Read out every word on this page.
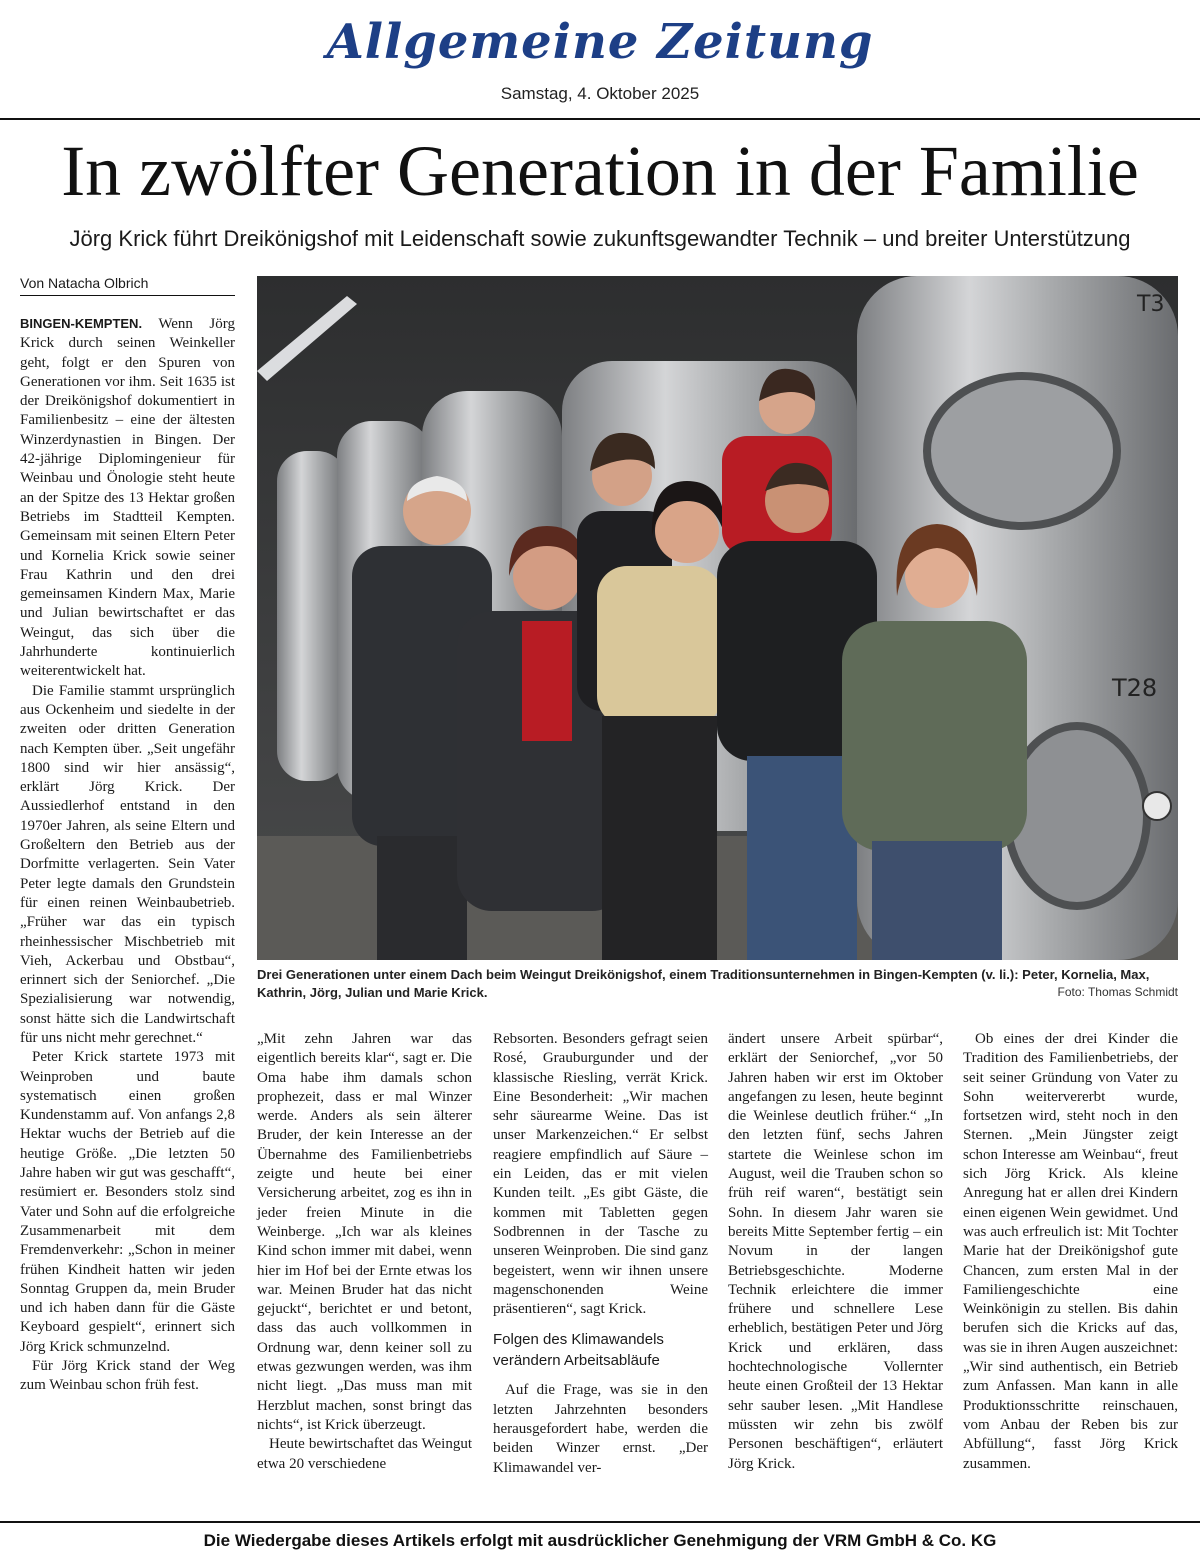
Allgemeine Zeitung
Samstag, 4. Oktober 2025
In zwölfter Generation in der Familie
Jörg Krick führt Dreikönigshof mit Leidenschaft sowie zukunftsgewandter Technik – und breiter Unterstützung
Von Natacha Olbrich

BINGEN-KEMPTEN. Wenn Jörg Krick durch seinen Weinkeller geht, folgt er den Spuren von Generationen vor ihm. Seit 1635 ist der Dreikönigshof dokumentiert in Familienbesitz – eine der ältesten Winzerdynastien in Bingen. Der 42-jährige Diplomingenieur für Weinbau und Önologie steht heute an der Spitze des 13 Hektar großen Betriebs im Stadtteil Kempten. Gemeinsam mit seinen Eltern Peter und Kornelia Krick sowie seiner Frau Kathrin und den drei gemeinsamen Kindern Max, Marie und Julian bewirtschaftet er das Weingut, das sich über die Jahrhunderte kontinuierlich weiterentwickelt hat.

Die Familie stammt ursprünglich aus Ockenheim und siedelte in der zweiten oder dritten Generation nach Kempten über. „Seit ungefähr 1800 sind wir hier ansässig“, erklärt Jörg Krick. Der Aussiedlerhof entstand in den 1970er Jahren, als seine Eltern und Großeltern den Betrieb aus der Dorfmitte verlagerten. Sein Vater Peter legte damals den Grundstein für einen reinen Weinbaubetrieb. „Früher war das ein typisch rheinhessischer Mischbetrieb mit Vieh, Ackerbau und Obstbau“, erinnert sich der Seniorchef. „Die Spezialisierung war notwendig, sonst hätte sich die Landwirtschaft für uns nicht mehr gerechnet.“

Peter Krick startete 1973 mit Weinproben und baute systematisch einen großen Kundenstamm auf. Von anfangs 2,8 Hektar wuchs der Betrieb auf die heutige Größe. „Die letzten 50 Jahre haben wir gut was geschafft“, resümiert er. Besonders stolz sind Vater und Sohn auf die erfolgreiche Zusammenarbeit mit dem Fremdenverkehr: „Schon in meiner frühen Kindheit hatten wir jeden Sonntag Gruppen da, mein Bruder und ich haben dann für die Gäste Keyboard gespielt“, erinnert sich Jörg Krick schmunzelnd.

Für Jörg Krick stand der Weg zum Weinbau schon früh fest.

T3
T28
Drei Generationen unter einem Dach beim Weingut Dreikönigshof, einem Traditionsunternehmen in Bingen-Kempten (v. li.): Peter, Kornelia, Max, Kathrin, Jörg, Julian und Marie Krick.	Foto: Thomas Schmidt

„Mit zehn Jahren war das eigentlich bereits klar“, sagt er. Die Oma habe ihm damals schon prophezeit, dass er mal Winzer werde. Anders als sein älterer Bruder, der kein Interesse an der Übernahme des Familienbetriebs zeigte und heute bei einer Versicherung arbeitet, zog es ihn in jeder freien Minute in die Weinberge. „Ich war als kleines Kind schon immer mit dabei, wenn hier im Hof bei der Ernte etwas los war. Meinen Bruder hat das nicht gejuckt“, berichtet er und betont, dass das auch vollkommen in Ordnung war, denn keiner soll zu etwas gezwungen werden, was ihm nicht liegt. „Das muss man mit Herzblut machen, sonst bringt das nichts“, ist Krick überzeugt.

Heute bewirtschaftet das Weingut etwa 20 verschiedene

Rebsorten. Besonders gefragt seien Rosé, Grauburgunder und der klassische Riesling, verrät Krick. Eine Besonderheit: „Wir machen sehr säurearme Weine. Das ist unser Markenzeichen.“ Er selbst reagiere empfindlich auf Säure – ein Leiden, das er mit vielen Kunden teilt. „Es gibt Gäste, die kommen mit Tabletten gegen Sodbrennen in der Tasche zu unseren Weinproben. Die sind ganz begeistert, wenn wir ihnen unsere magenschonenden Weine präsentieren“, sagt Krick.

Folgen des Klimawandels verändern Arbeitsabläufe

Auf die Frage, was sie in den letzten Jahrzehnten besonders herausgefordert habe, werden die beiden Winzer ernst. „Der Klimawandel ver-

ändert unsere Arbeit spürbar“, erklärt der Seniorchef, „vor 50 Jahren haben wir erst im Oktober angefangen zu lesen, heute beginnt die Weinlese deutlich früher.“ „In den letzten fünf, sechs Jahren startete die Weinlese schon im August, weil die Trauben schon so früh reif waren“, bestätigt sein Sohn. In diesem Jahr waren sie bereits Mitte September fertig – ein Novum in der langen Betriebsgeschichte. Moderne Technik erleichtere die immer frühere und schnellere Lese erheblich, bestätigen Peter und Jörg Krick und erklären, dass hochtechnologische Vollernter heute einen Großteil der 13 Hektar sehr sauber lesen. „Mit Handlese müssten wir zehn bis zwölf Personen beschäftigen“, erläutert Jörg Krick.

Ob eines der drei Kinder die Tradition des Familienbetriebs, der seit seiner Gründung von Vater zu Sohn weitervererbt wurde, fortsetzen wird, steht noch in den Sternen. „Mein Jüngster zeigt schon Interesse am Weinbau“, freut sich Jörg Krick. Als kleine Anregung hat er allen drei Kindern einen eigenen Wein gewidmet. Und was auch erfreulich ist: Mit Tochter Marie hat der Dreikönigshof gute Chancen, zum ersten Mal in der Familiengeschichte eine Weinkönigin zu stellen. Bis dahin berufen sich die Kricks auf das, was sie in ihren Augen auszeichnet: „Wir sind authentisch, ein Betrieb zum Anfassen. Man kann in alle Produktionsschritte reinschauen, vom Anbau der Reben bis zur Abfüllung“, fasst Jörg Krick zusammen.

Die Wiedergabe dieses Artikels erfolgt mit ausdrücklicher Genehmigung der VRM GmbH & Co. KG
